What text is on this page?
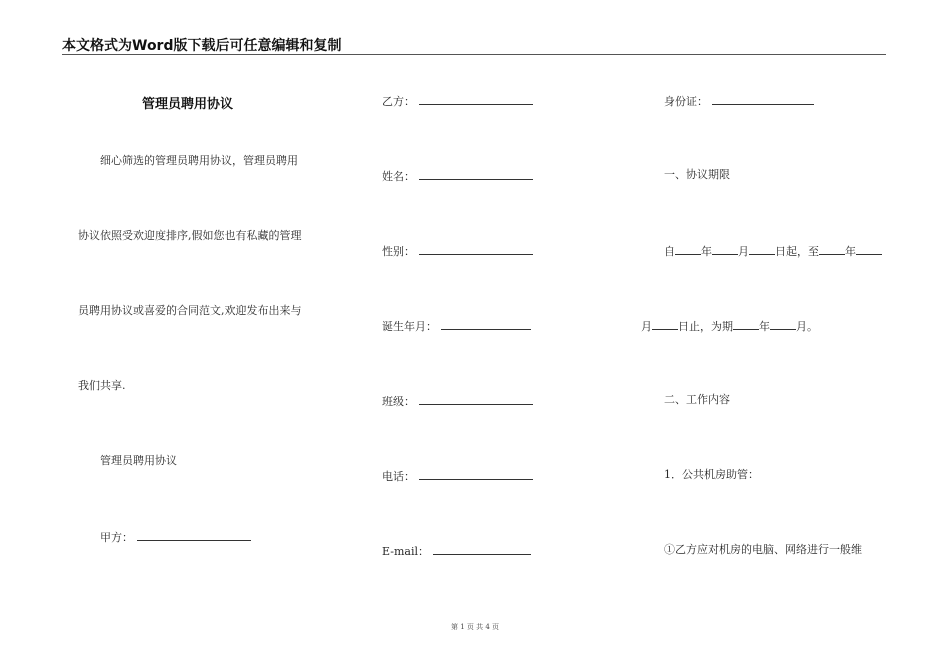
本文格式为Word版下载后可任意编辑和复制
管理员聘用协议
细心筛选的管理员聘用协议，管理员聘用
协议依照受欢迎度排序,假如您也有私藏的管理
员聘用协议或喜爱的合同范文,欢迎发布出来与
我们共享.
管理员聘用协议
甲方：
乙方：
姓名：
性别：
诞生年月：
班级：
电话：
E-mail：
身份证：
一、协议期限
自 年 月 日起，至 年
月 日止，为期 年 月。
二、工作内容
1．公共机房助管：
①乙方应对机房的电脑、网络进行一般维
第 1 页 共 4 页
